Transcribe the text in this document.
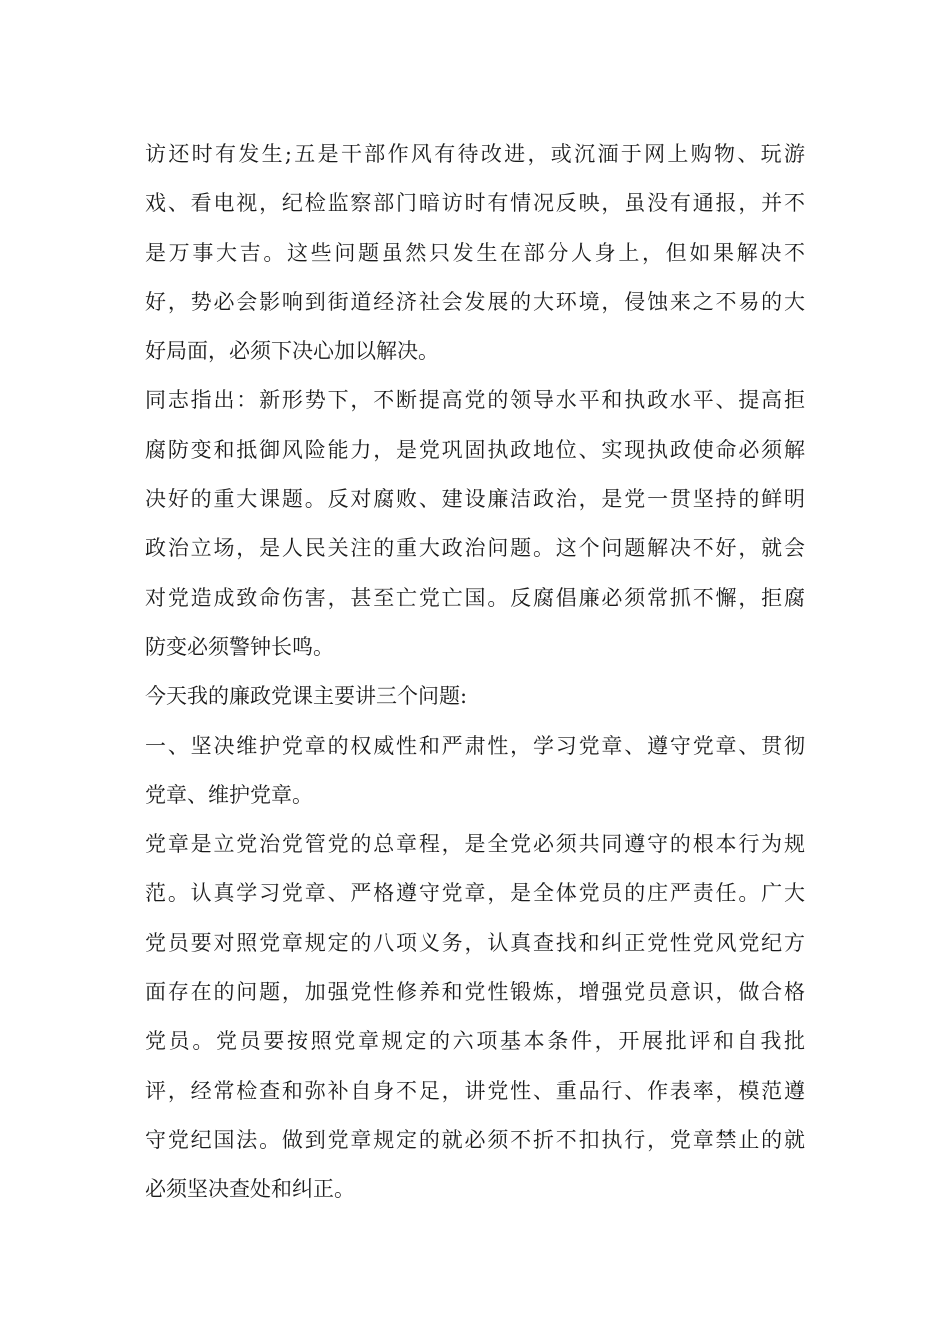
访还时有发生;五是干部作风有待改进，或沉湎于网上购物、玩游
戏、看电视，纪检监察部门暗访时有情况反映，虽没有通报，并不
是万事大吉。这些问题虽然只发生在部分人身上，但如果解决不
好，势必会影响到街道经济社会发展的大环境，侵蚀来之不易的大
好局面，必须下决心加以解决。
同志指出：新形势下，不断提高党的领导水平和执政水平、提高拒
腐防变和抵御风险能力，是党巩固执政地位、实现执政使命必须解
决好的重大课题。反对腐败、建设廉洁政治，是党一贯坚持的鲜明
政治立场，是人民关注的重大政治问题。这个问题解决不好，就会
对党造成致命伤害，甚至亡党亡国。反腐倡廉必须常抓不懈，拒腐
防变必须警钟长鸣。
今天我的廉政党课主要讲三个问题:
一、坚决维护党章的权威性和严肃性，学习党章、遵守党章、贯彻
党章、维护党章。
党章是立党治党管党的总章程，是全党必须共同遵守的根本行为规
范。认真学习党章、严格遵守党章，是全体党员的庄严责任。广大
党员要对照党章规定的八项义务，认真查找和纠正党性党风党纪方
面存在的问题，加强党性修养和党性锻炼，增强党员意识，做合格
党员。党员要按照党章规定的六项基本条件，开展批评和自我批
评，经常检查和弥补自身不足，讲党性、重品行、作表率，模范遵
守党纪国法。做到党章规定的就必须不折不扣执行，党章禁止的就
必须坚决查处和纠正。
